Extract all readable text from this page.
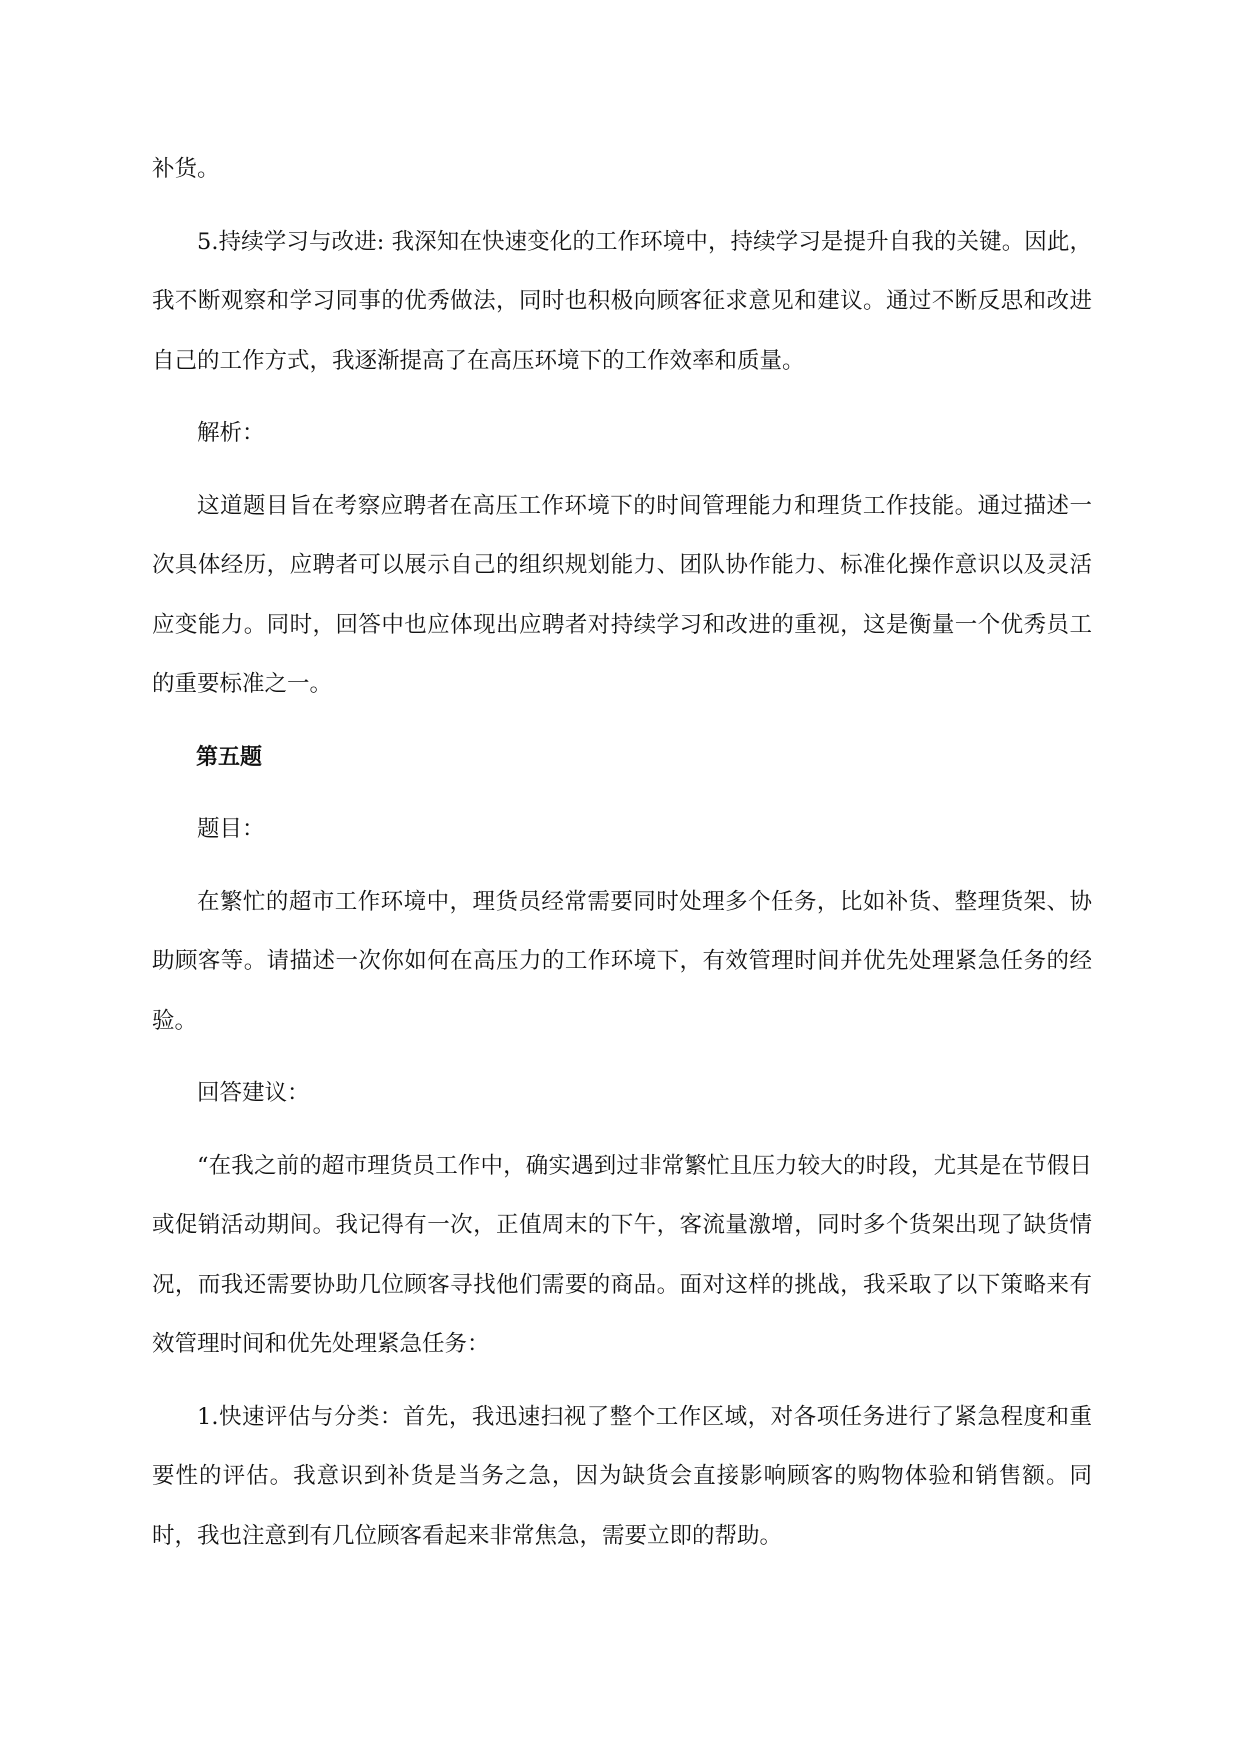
补货。

5.持续学习与改进: 我深知在快速变化的工作环境中，持续学习是提升自我的关键。因此，我不断观察和学习同事的优秀做法，同时也积极向顾客征求意见和建议。通过不断反思和改进自己的工作方式，我逐渐提高了在高压环境下的工作效率和质量。

解析：

这道题目旨在考察应聘者在高压工作环境下的时间管理能力和理货工作技能。通过描述一次具体经历，应聘者可以展示自己的组织规划能力、团队协作能力、标准化操作意识以及灵活应变能力。同时，回答中也应体现出应聘者对持续学习和改进的重视，这是衡量一个优秀员工的重要标准之一。

第五题

题目：

在繁忙的超市工作环境中，理货员经常需要同时处理多个任务，比如补货、整理货架、协助顾客等。请描述一次你如何在高压力的工作环境下，有效管理时间并优先处理紧急任务的经验。

回答建议：

“在我之前的超市理货员工作中，确实遇到过非常繁忙且压力较大的时段，尤其是在节假日或促销活动期间。我记得有一次，正值周末的下午，客流量激增，同时多个货架出现了缺货情况，而我还需要协助几位顾客寻找他们需要的商品。面对这样的挑战，我采取了以下策略来有效管理时间和优先处理紧急任务：

1.快速评估与分类：首先，我迅速扫视了整个工作区域，对各项任务进行了紧急程度和重要性的评估。我意识到补货是当务之急，因为缺货会直接影响顾客的购物体验和销售额。同时，我也注意到有几位顾客看起来非常焦急，需要立即的帮助。
